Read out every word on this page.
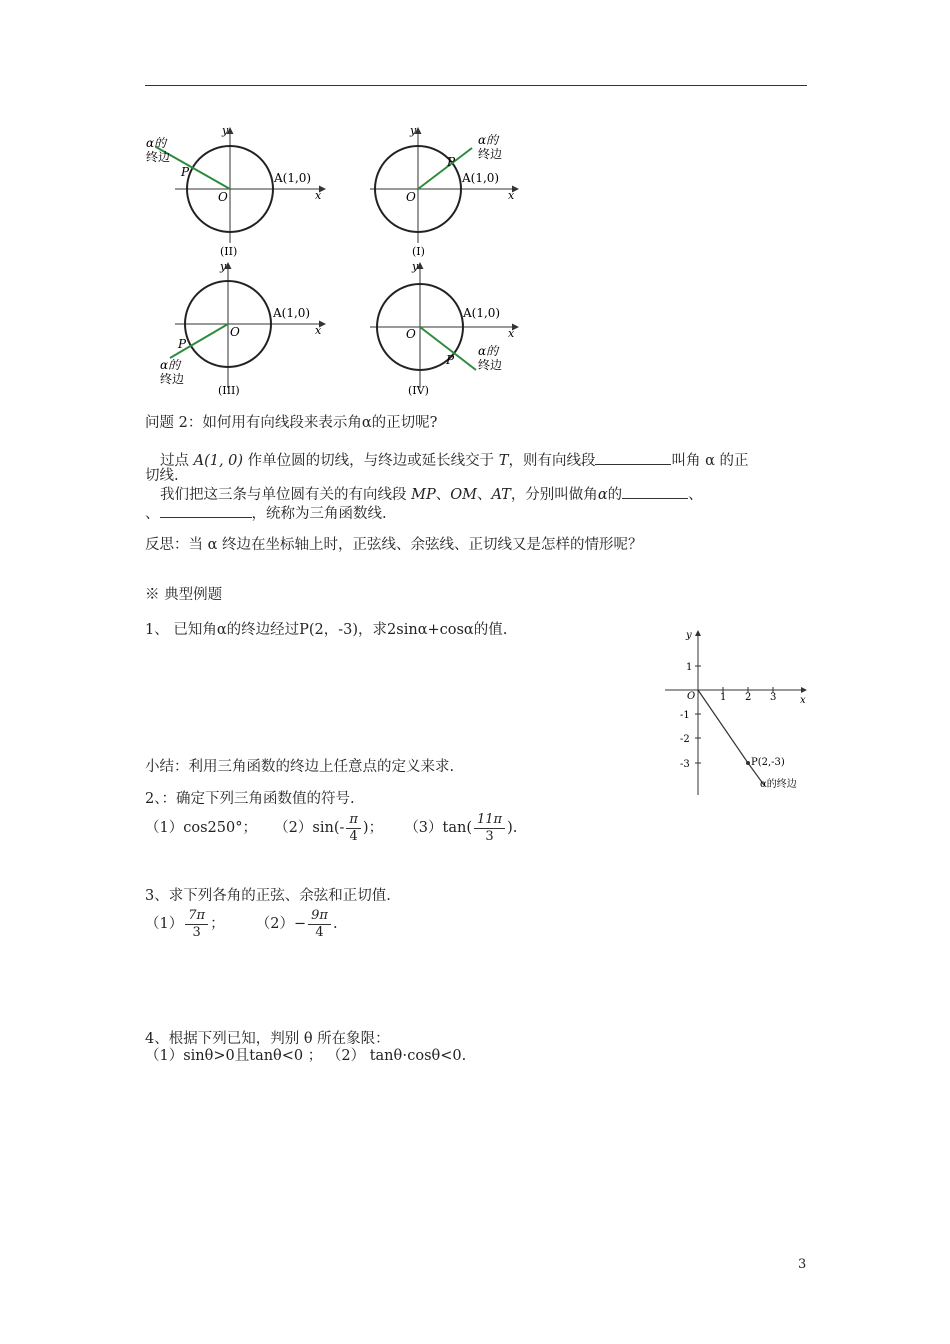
α的
终边
P	A(1,0)
O	x
y
(II)
α的
终边
P
A(1,0)
O	x
y
(I)
α的
终边
P
A(1,0)
O	x
y
(III)
α的
终边
P
A(1,0)
O	x
y
(IV)
问题 2：如何用有向线段来表示角α的正切呢?
过点 A(1, 0) 作单位圆的切线，与终边或延长线交于 T，则有向线段	叫角 α 的正
切线.
我们把这三条与单位圆有关的有向线段 MP、OM、AT，分别叫做角α的	、
、	，统称为三角函数线.
反思：当 α 终边在坐标轴上时，正弦线、余弦线、正切线又是怎样的情形呢？
※ 典型例题
1、 已知角α的终边经过P(2，-3)，求2sinα+cosα的值.
小结：利用三角函数的终边上任意点的定义来求.
2、：确定下列三角函数值的符号.
（1）cos250°； $(2)\sin(- \frac{\pi}{4}$ )； $(3)\tan( \frac{11\pi}{3}$ ).
3、求下列各角的正弦、余弦和正切值.
$(1) \frac{7\pi}{3}$ ； $(2)- \frac{9\pi}{4}$ .
4、根据下列已知，判别 θ 所在象限：
（1）sinθ>0且tanθ<0 ； （2） tanθ⋅cosθ<0.
y
x
O 1 2 3
1
-1
-2
-3	P(2,-3)
α的终边
3
